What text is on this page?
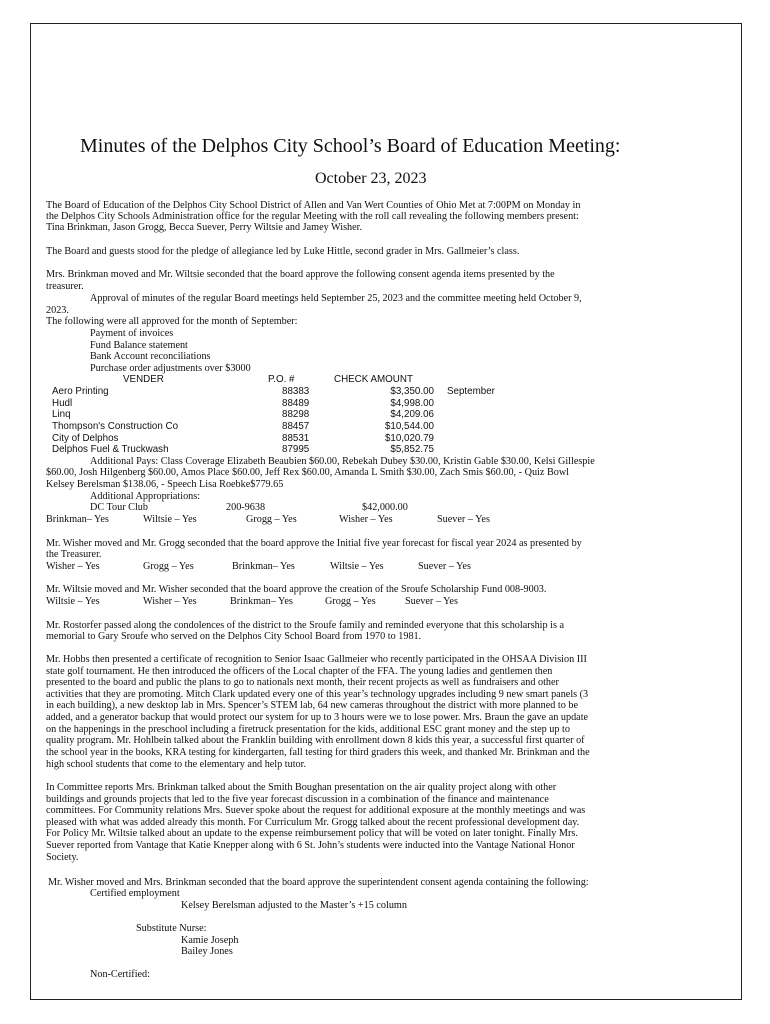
Minutes of the Delphos City School’s Board of Education Meeting:
October 23, 2023
The Board of Education of the Delphos City School District of Allen and Van Wert Counties of Ohio Met at 7:00PM on Monday in
the Delphos City Schools Administration office for the regular Meeting with the roll call revealing the following members present:
Tina Brinkman, Jason Grogg, Becca Suever, Perry Wiltsie and Jamey Wisher.
The Board and guests stood for the pledge of allegiance led by Luke Hittle, second grader in Mrs. Gallmeier’s class.
Mrs. Brinkman moved and Mr. Wiltsie seconded that the board approve the following consent agenda items presented by the
treasurer.
Approval of minutes of the regular Board meetings held September 25, 2023 and the committee meeting held October 9,
2023.
The following were all approved for the month of September:
Payment of invoices
Fund Balance statement
Bank Account reconciliations
Purchase order adjustments over $3000
VENDER	P.O. #	CHECK AMOUNT
Aero Printing	88383	$3,350.00 September
Hudl	88489	$4,998.00
Linq	88298	$4,209.06
Thompson's Construction Co	88457	$10,544.00
City of Delphos	88531	$10,020.79
Delphos Fuel & Truckwash	87995	$5,852.75
Additional Pays: Class Coverage Elizabeth Beaubien $60.00, Rebekah Dubey $30.00, Kristin Gable $30.00, Kelsi Gillespie
$60.00, Josh Hilgenberg $60.00, Amos Place $60.00, Jeff Rex $60.00, Amanda L Smith $30.00, Zach Smis $60.00, - Quiz Bowl
Kelsey Berelsman $138.06, - Speech Lisa Roebke$779.65
Additional Appropriations:
DC Tour Club	200-9638	$42,000.00
Brinkman– Yes	Wiltsie – Yes	Grogg – Yes	Wisher – Yes	Suever – Yes
Mr. Wisher moved and Mr. Grogg seconded that the board approve the Initial five year forecast for fiscal year 2024 as presented by
the Treasurer.
Wisher – Yes	Grogg – Yes	Brinkman– Yes	Wiltsie – Yes	Suever – Yes
Mr. Wiltsie moved and Mr. Wisher seconded that the board approve the creation of the Sroufe Scholarship Fund 008-9003.
Wiltsie – Yes	Wisher – Yes	Brinkman– Yes	Grogg – Yes	Suever – Yes
Mr. Rostorfer passed along the condolences of the district to the Sroufe family and reminded everyone that this scholarship is a
memorial to Gary Sroufe who served on the Delphos City School Board from 1970 to 1981.
Mr. Hobbs then presented a certificate of recognition to Senior Isaac Gallmeier who recently participated in the OHSAA Division III
state golf tournament. He then introduced the officers of the Local chapter of the FFA. The young ladies and gentlemen then
presented to the board and public the plans to go to nationals next month, their recent projects as well as fundraisers and other
activities that they are promoting. Mitch Clark updated every one of this year’s technology upgrades including 9 new smart panels (3
in each building), a new desktop lab in Mrs. Spencer’s STEM lab, 64 new cameras throughout the district with more planned to be
added, and a generator backup that would protect our system for up to 3 hours were we to lose power. Mrs. Braun the gave an update
on the happenings in the preschool including a firetruck presentation for the kids, additional ESC grant money and the step up to
quality program. Mr. Hohlbein talked about the Franklin building with enrollment down 8 kids this year, a successful first quarter of
the school year in the books, KRA testing for kindergarten, fall testing for third graders this week, and thanked Mr. Brinkman and the
high school students that come to the elementary and help tutor.
In Committee reports Mrs. Brinkman talked about the Smith Boughan presentation on the air quality project along with other
buildings and grounds projects that led to the five year forecast discussion in a combination of the finance and maintenance
committees. For Community relations Mrs. Suever spoke about the request for additional exposure at the monthly meetings and was
pleased with what was added already this month. For Curriculum Mr. Grogg talked about the recent professional development day.
For Policy Mr. Wiltsie talked about an update to the expense reimbursement policy that will be voted on later tonight. Finally Mrs.
Suever reported from Vantage that Katie Knepper along with 6 St. John’s students were inducted into the Vantage National Honor
Society.
Mr. Wisher moved and Mrs. Brinkman seconded that the board approve the superintendent consent agenda containing the following:
Certified employment
Kelsey Berelsman adjusted to the Master’s +15 column
Substitute Nurse:
Kamie Joseph
Bailey Jones
Non-Certified:
